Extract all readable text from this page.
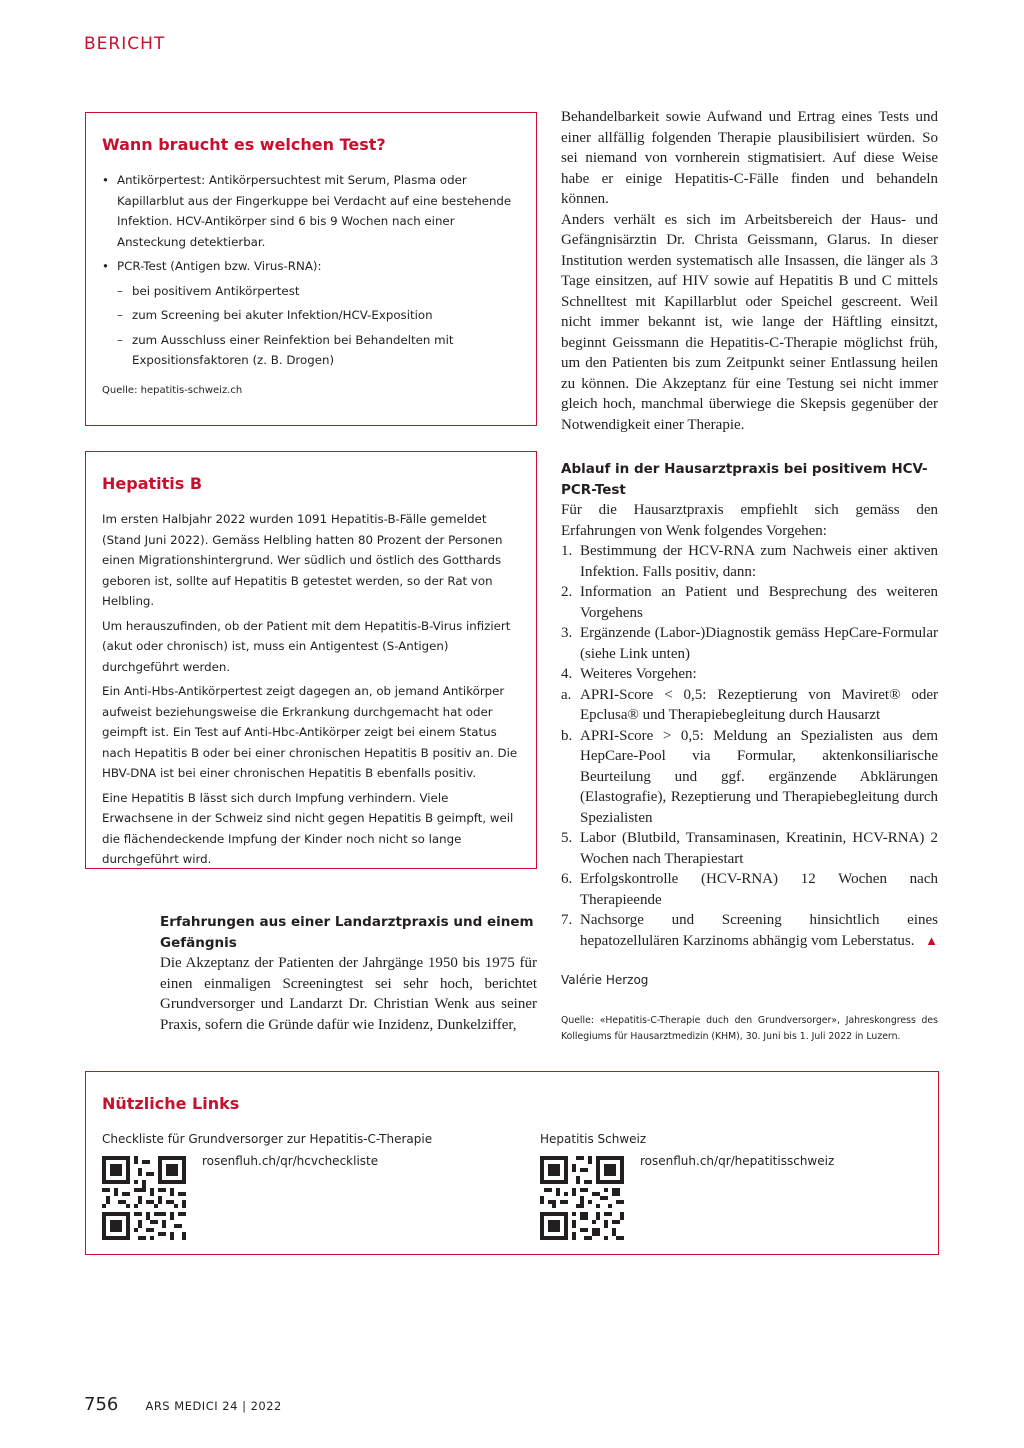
BERICHT
Wann braucht es welchen Test?
• Antikörpertest: Antikörpersuchtest mit Serum, Plasma oder Kapillarblut aus der Fingerkuppe bei Verdacht auf eine bestehende Infektion. HCV-Antikörper sind 6 bis 9 Wochen nach einer Ansteckung detektierbar.
• PCR-Test (Antigen bzw. Virus-RNA):
– bei positivem Antikörpertest
– zum Screening bei akuter Infektion/HCV-Exposition
– zum Ausschluss einer Reinfektion bei Behandelten mit Expositionsfaktoren (z. B. Drogen)
Quelle: hepatitis-schweiz.ch
Hepatitis B

Im ersten Halbjahr 2022 wurden 1091 Hepatitis-B-Fälle gemeldet (Stand Juni 2022). Gemäss Helbling hatten 80 Prozent der Personen einen Migrationshintergrund. Wer südlich und östlich des Gotthards geboren ist, sollte auf Hepatitis B getestet werden, so der Rat von Helbling.

Um herauszufinden, ob der Patient mit dem Hepatitis-B-Virus infiziert (akut oder chronisch) ist, muss ein Antigentest (S-Antigen) durchgeführt werden.

Ein Anti-Hbs-Antikörpertest zeigt dagegen an, ob jemand Antikörper aufweist beziehungsweise die Erkrankung durchgemacht hat oder geimpft ist. Ein Test auf Anti-Hbc-Antikörper zeigt bei einem Status nach Hepatitis B oder bei einer chronischen Hepatitis B positiv an. Die HBV-DNA ist bei einer chronischen Hepatitis B ebenfalls positiv.

Eine Hepatitis B lässt sich durch Impfung verhindern. Viele Erwachsene in der Schweiz sind nicht gegen Hepatitis B geimpft, weil die flächendeckende Impfung der Kinder noch nicht so lange durchgeführt wird.

Erfahrungen aus einer Landarztpraxis und einem Gefängnis

Die Akzeptanz der Patienten der Jahrgänge 1950 bis 1975 für einen einmaligen Screeningtest sei sehr hoch, berichtet Grundversorger und Landarzt Dr. Christian Wenk aus seiner Praxis, sofern die Gründe dafür wie Inzidenz, Dunkelziffer,

Behandelbarkeit sowie Aufwand und Ertrag eines Tests und einer allfällig folgenden Therapie plausibilisiert würden. So sei niemand von vornherein stigmatisiert. Auf diese Weise habe er einige Hepatitis-C-Fälle finden und behandeln können.

Anders verhält es sich im Arbeitsbereich der Haus- und Gefängnisärztin Dr. Christa Geissmann, Glarus. In dieser Institution werden systematisch alle Insassen, die länger als 3 Tage einsitzen, auf HIV sowie auf Hepatitis B und C mittels Schnelltest mit Kapillarblut oder Speichel gescreent. Weil nicht immer bekannt ist, wie lange der Häftling einsitzt, beginnt Geissmann die Hepatitis-C-Therapie möglichst früh, um den Patienten bis zum Zeitpunkt seiner Entlassung heilen zu können. Die Akzeptanz für eine Testung sei nicht immer gleich hoch, manchmal überwiege die Skepsis gegenüber der Notwendigkeit einer Therapie.

Ablauf in der Hausarztpraxis bei positivem HCV-PCR-Test

Für die Hausarztpraxis empfiehlt sich gemäss den Erfahrungen von Wenk folgendes Vorgehen:

1. Bestimmung der HCV-RNA zum Nachweis einer aktiven Infektion. Falls positiv, dann:
2. Information an Patient und Besprechung des weiteren Vorgehens
3. Ergänzende (Labor-)Diagnostik gemäss HepCare-Formular (siehe Link unten)
4. Weiteres Vorgehen:
a. APRI-Score < 0,5: Rezeptierung von Maviret® oder Epclusa® und Therapiebegleitung durch Hausarzt
b. APRI-Score > 0,5: Meldung an Spezialisten aus dem HepCare-Pool via Formular, aktenkonsiliarische Beurteilung und ggf. ergänzende Abklärungen (Elastografie), Rezeptierung und Therapiebegleitung durch Spezialisten
5. Labor (Blutbild, Transaminasen, Kreatinin, HCV-RNA) 2 Wochen nach Therapiestart
6. Erfolgskontrolle (HCV-RNA) 12 Wochen nach Therapieende
7. Nachsorge und Screening hinsichtlich eines hepatozellulären Karzinoms abhängig vom Leberstatus. ▲
Valérie Herzog
Quelle: «Hepatitis-C-Therapie duch den Grundversorger», Jahreskongress des Kollegiums für Hausarztmedizin (KHM), 30. Juni bis 1. Juli 2022 in Luzern.
Nützliche Links
Checkliste für Grundversorger zur Hepatitis-C-Therapie
rosenfluh.ch/qr/hcvcheckliste
Hepatitis Schweiz
rosenfluh.ch/qr/hepatitisschweiz
756 ARS MEDICI 24 | 2022
